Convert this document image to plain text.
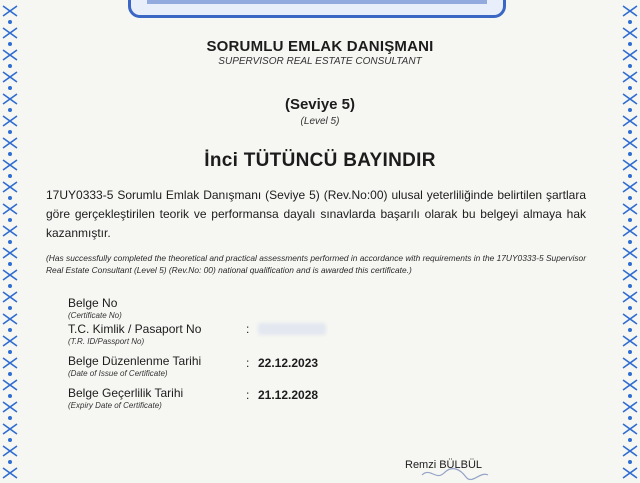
SORUMLU EMLAK DANIŞMANI
SUPERVISOR REAL ESTATE CONSULTANT
(Seviye 5)
(Level 5)
İnci TÜTÜNCÜ BAYINDIR
17UY0333-5 Sorumlu Emlak Danışmanı (Seviye 5) (Rev.No:00) ulusal yeterliliğinde belirtilen şartlara göre gerçekleştirilen teorik ve performansa dayalı sınavlarda başarılı olarak bu belgeyi almaya hak kazanmıştır.
(Has successfully completed the theoretical and practical assessments performed in accordance with requirements in the 17UY0333-5 Supervisor Real Estate Consultant (Level 5) (Rev.No: 00) national qualification and is awarded this certificate.)
Belge No
(Certificate No)
T.C. Kimlik / Pasaport No
(T.R. ID/Passport No)
:
Belge Düzenlenme Tarihi
(Date of Issue of Certificate)
: 22.12.2023
Belge Geçerlilik Tarihi
(Expiry Date of Certificate)
: 21.12.2028
Remzi BÜLBÜL
